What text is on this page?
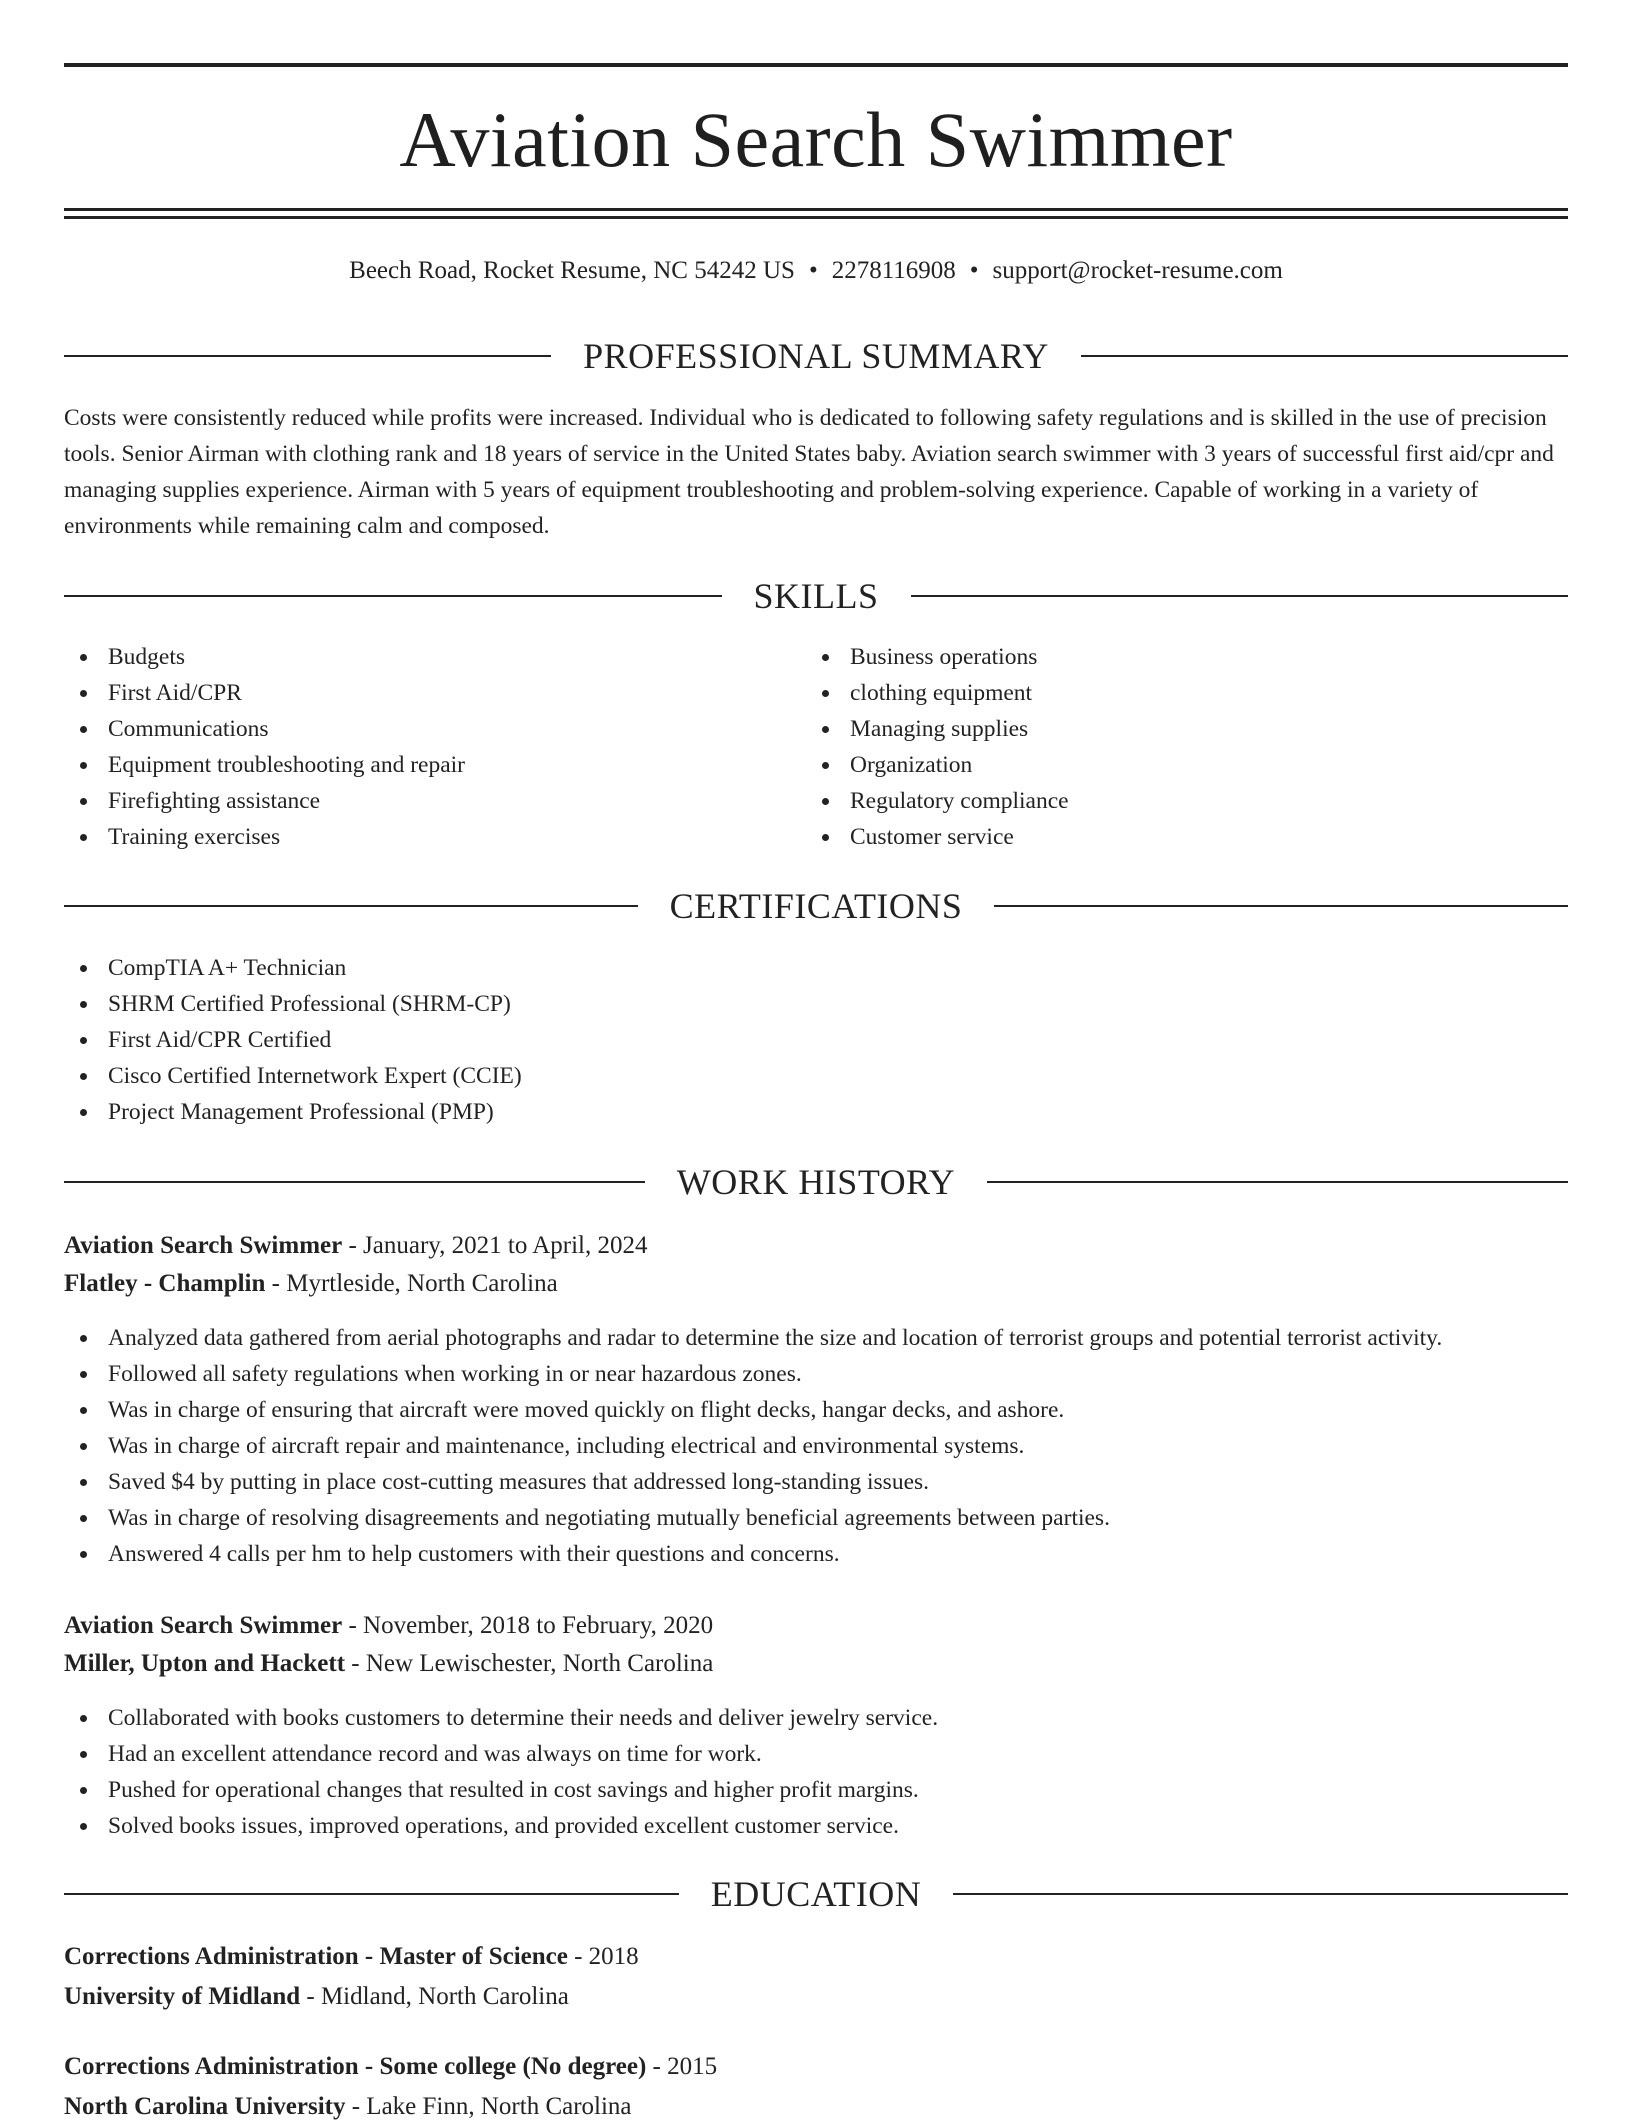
Aviation Search Swimmer
Beech Road, Rocket Resume, NC 54242 US • 2278116908 • support@rocket-resume.com
PROFESSIONAL SUMMARY

Costs were consistently reduced while profits were increased. Individual who is dedicated to following safety regulations and is skilled in the use of precision tools. Senior Airman with clothing rank and 18 years of service in the United States baby. Aviation search swimmer with 3 years of successful first aid/cpr and managing supplies experience. Airman with 5 years of equipment troubleshooting and problem-solving experience. Capable of working in a variety of environments while remaining calm and composed.

SKILLS
Budgets
First Aid/CPR
Communications
Equipment troubleshooting and repair
Firefighting assistance
Training exercises
Business operations
clothing equipment
Managing supplies
Organization
Regulatory compliance
Customer service
CERTIFICATIONS
CompTIA A+ Technician
SHRM Certified Professional (SHRM-CP)
First Aid/CPR Certified
Cisco Certified Internetwork Expert (CCIE)
Project Management Professional (PMP)
WORK HISTORY
Aviation Search Swimmer - January, 2021 to April, 2024
Flatley - Champlin - Myrtleside, North Carolina
Analyzed data gathered from aerial photographs and radar to determine the size and location of terrorist groups and potential terrorist activity.
Followed all safety regulations when working in or near hazardous zones.
Was in charge of ensuring that aircraft were moved quickly on flight decks, hangar decks, and ashore.
Was in charge of aircraft repair and maintenance, including electrical and environmental systems.
Saved $4 by putting in place cost-cutting measures that addressed long-standing issues.
Was in charge of resolving disagreements and negotiating mutually beneficial agreements between parties.
Answered 4 calls per hm to help customers with their questions and concerns.
Aviation Search Swimmer - November, 2018 to February, 2020
Miller, Upton and Hackett - New Lewischester, North Carolina
Collaborated with books customers to determine their needs and deliver jewelry service.
Had an excellent attendance record and was always on time for work.
Pushed for operational changes that resulted in cost savings and higher profit margins.
Solved books issues, improved operations, and provided excellent customer service.
EDUCATION
Corrections Administration - Master of Science - 2018
University of Midland - Midland, North Carolina
Corrections Administration - Some college (No degree) - 2015
North Carolina University - Lake Finn, North Carolina
